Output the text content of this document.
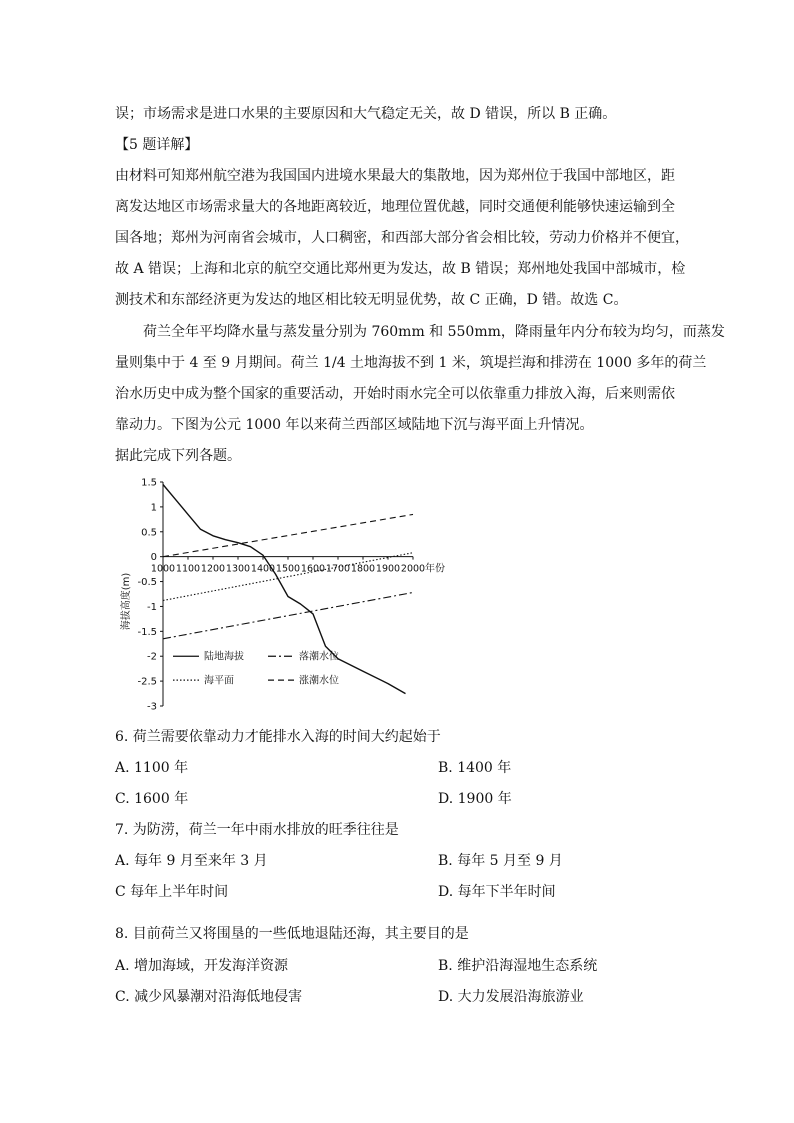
误；市场需求是进口水果的主要原因和大气稳定无关，故 D 错误，所以 B 正确。
【5 题详解】
由材料可知郑州航空港为我国国内进境水果最大的集散地，因为郑州位于我国中部地区，距
离发达地区市场需求量大的各地距离较近，地理位置优越，同时交通便利能够快速运输到全
国各地；郑州为河南省会城市，人口稠密，和西部大部分省会相比较，劳动力价格并不便宜，
故 A 错误；上海和北京的航空交通比郑州更为发达，故 B 错误；郑州地处我国中部城市，检
测技术和东部经济更为发达的地区相比较无明显优势，故 C 正确，D 错。故选 C。
荷兰全年平均降水量与蒸发量分别为 760mm 和 550mm，降雨量年内分布较为均匀，而蒸发
量则集中于 4 至 9 月期间。荷兰 1/4 土地海拔不到 1 米，筑堤拦海和排涝在 1000 多年的荷兰
治水历史中成为整个国家的重要活动，开始时雨水完全可以依靠重力排放入海，后来则需依
靠动力。下图为公元 1000 年以来荷兰西部区域陆地下沉与海平面上升情况。
据此完成下列各题。
1.5
1
0.5
0
-0.5
-1
-1.5
-2
-2.5
-3
1000 1100 1200 1300 1400 1500 1600 1700 1800 1900 2000 年份
海拔高度(m)
陆地海拔	落潮水位
海平面	涨潮水位
6. 荷兰需要依靠动力才能排水入海的时间大约起始于
A. 1100 年	B. 1400 年
C. 1600 年	D. 1900 年
7. 为防涝，荷兰一年中雨水排放的旺季往往是
A. 每年 9 月至来年 3 月	B. 每年 5 月至 9 月
C 每年上半年时间	D. 每年下半年时间
8. 目前荷兰又将围垦的一些低地退陆还海，其主要目的是
A. 增加海域，开发海洋资源	B. 维护沿海湿地生态系统
C. 减少风暴潮对沿海低地侵害	D. 大力发展沿海旅游业
